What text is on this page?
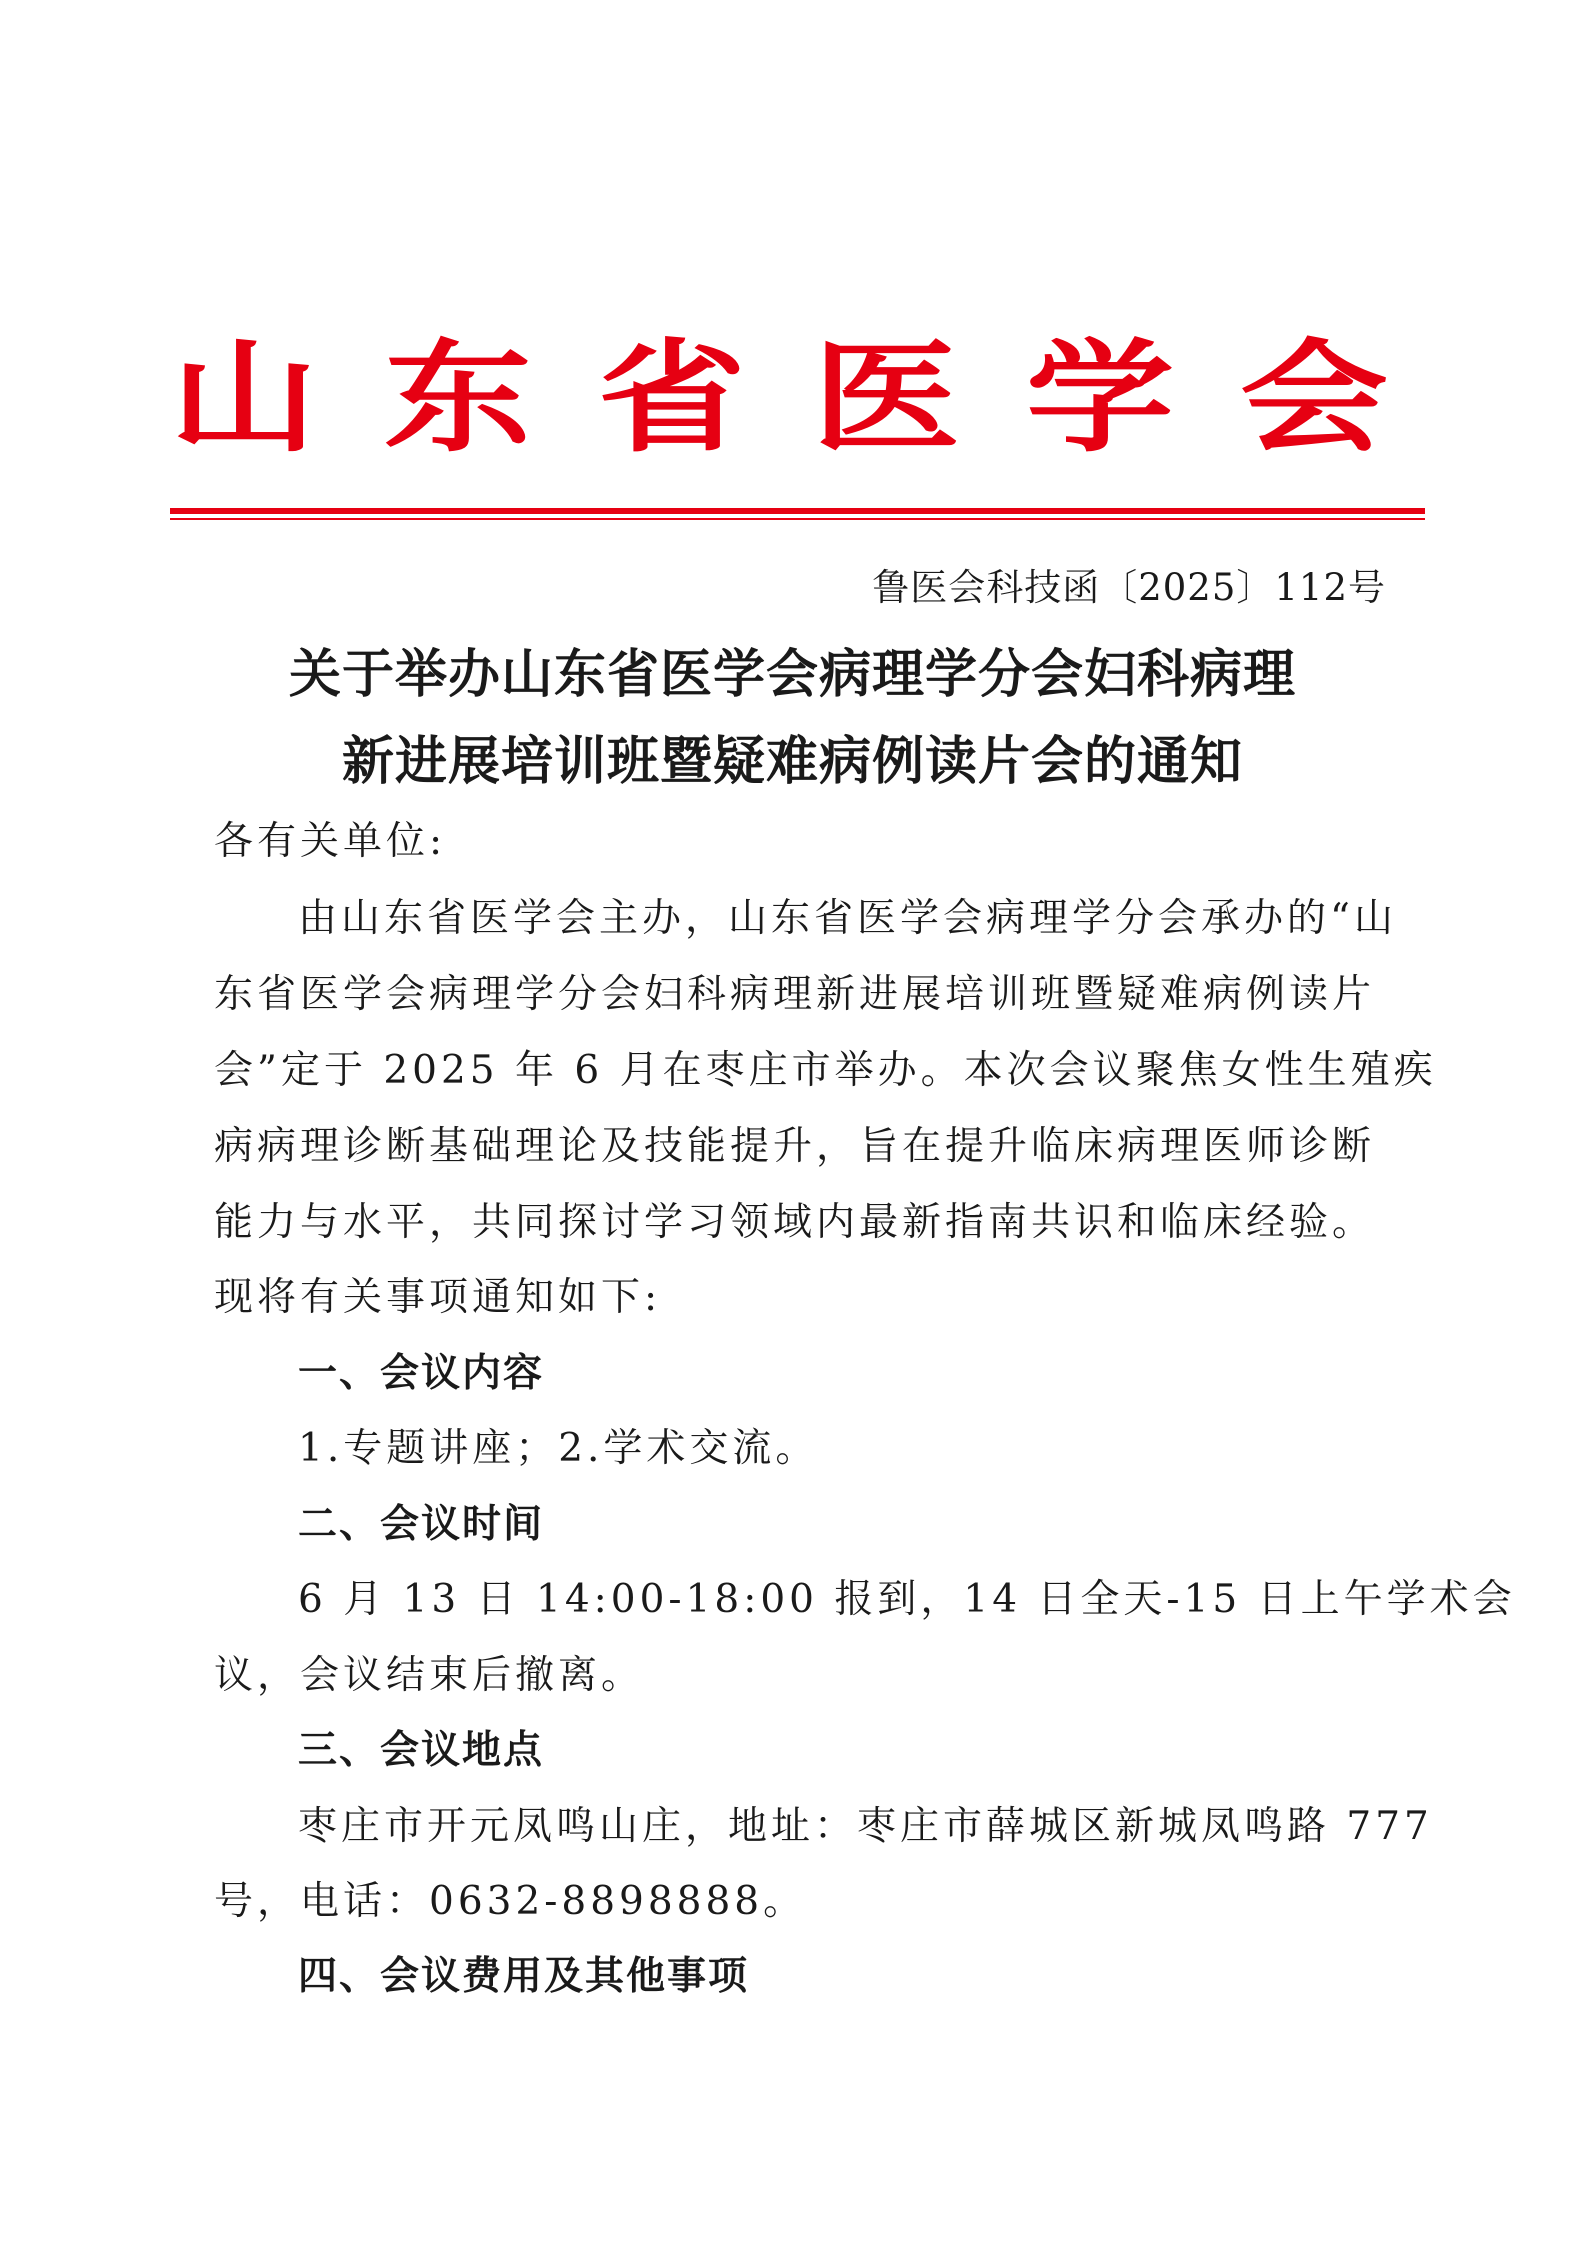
山东省医学会
鲁医会科技函〔2025〕112号
关于举办山东省医学会病理学分会妇科病理
新进展培训班暨疑难病例读片会的通知
各有关单位:
由山东省医学会主办，山东省医学会病理学分会承办的“山
东省医学会病理学分会妇科病理新进展培训班暨疑难病例读片
会”定于 2025 年 6 月在枣庄市举办。本次会议聚焦女性生殖疾
病病理诊断基础理论及技能提升，旨在提升临床病理医师诊断
能力与水平，共同探讨学习领域内最新指南共识和临床经验。
现将有关事项通知如下:
一、会议内容
1.专题讲座；2.学术交流。
二、会议时间
6 月 13 日 14:00-18:00 报到，14 日全天-15 日上午学术会
议，会议结束后撤离。
三、会议地点
枣庄市开元凤鸣山庄，地址：枣庄市薛城区新城凤鸣路 777
号，电话：0632-8898888。
四、会议费用及其他事项
